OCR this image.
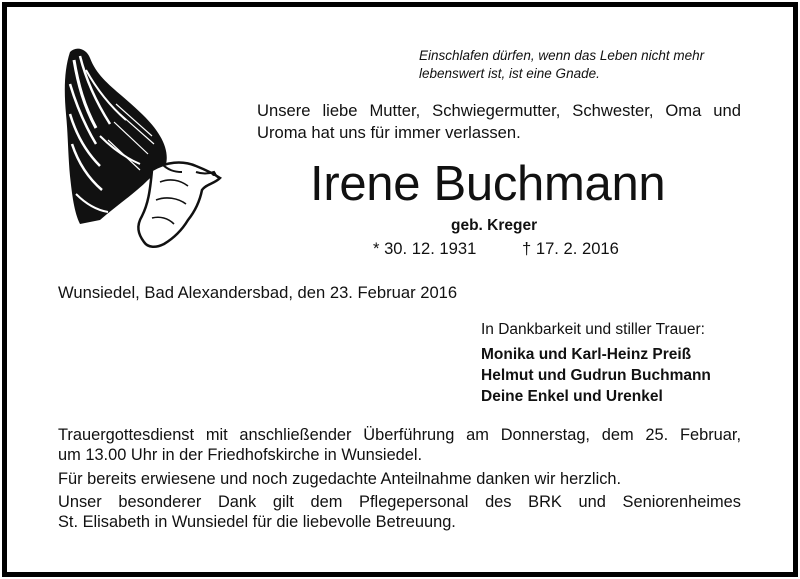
Einschlafen dürfen, wenn das Leben nicht mehr
lebenswert ist, ist eine Gnade.
Unsere liebe Mutter, Schwiegermutter, Schwester, Oma und
Uroma hat uns für immer verlassen.
Irene Buchmann
geb. Kreger
* 30. 12. 1931	† 17. 2. 2016
Wunsiedel, Bad Alexandersbad, den 23. Februar 2016
In Dankbarkeit und stiller Trauer:
Monika und Karl-Heinz Preiß
Helmut und Gudrun Buchmann
Deine Enkel und Urenkel
Trauergottesdienst mit anschließender Überführung am Donnerstag, dem 25. Februar,
um 13.00 Uhr in der Friedhofskirche in Wunsiedel.
Für bereits erwiesene und noch zugedachte Anteilnahme danken wir herzlich.
Unser besonderer Dank gilt dem Pflegepersonal des BRK und Seniorenheimes
St. Elisabeth in Wunsiedel für die liebevolle Betreuung.
